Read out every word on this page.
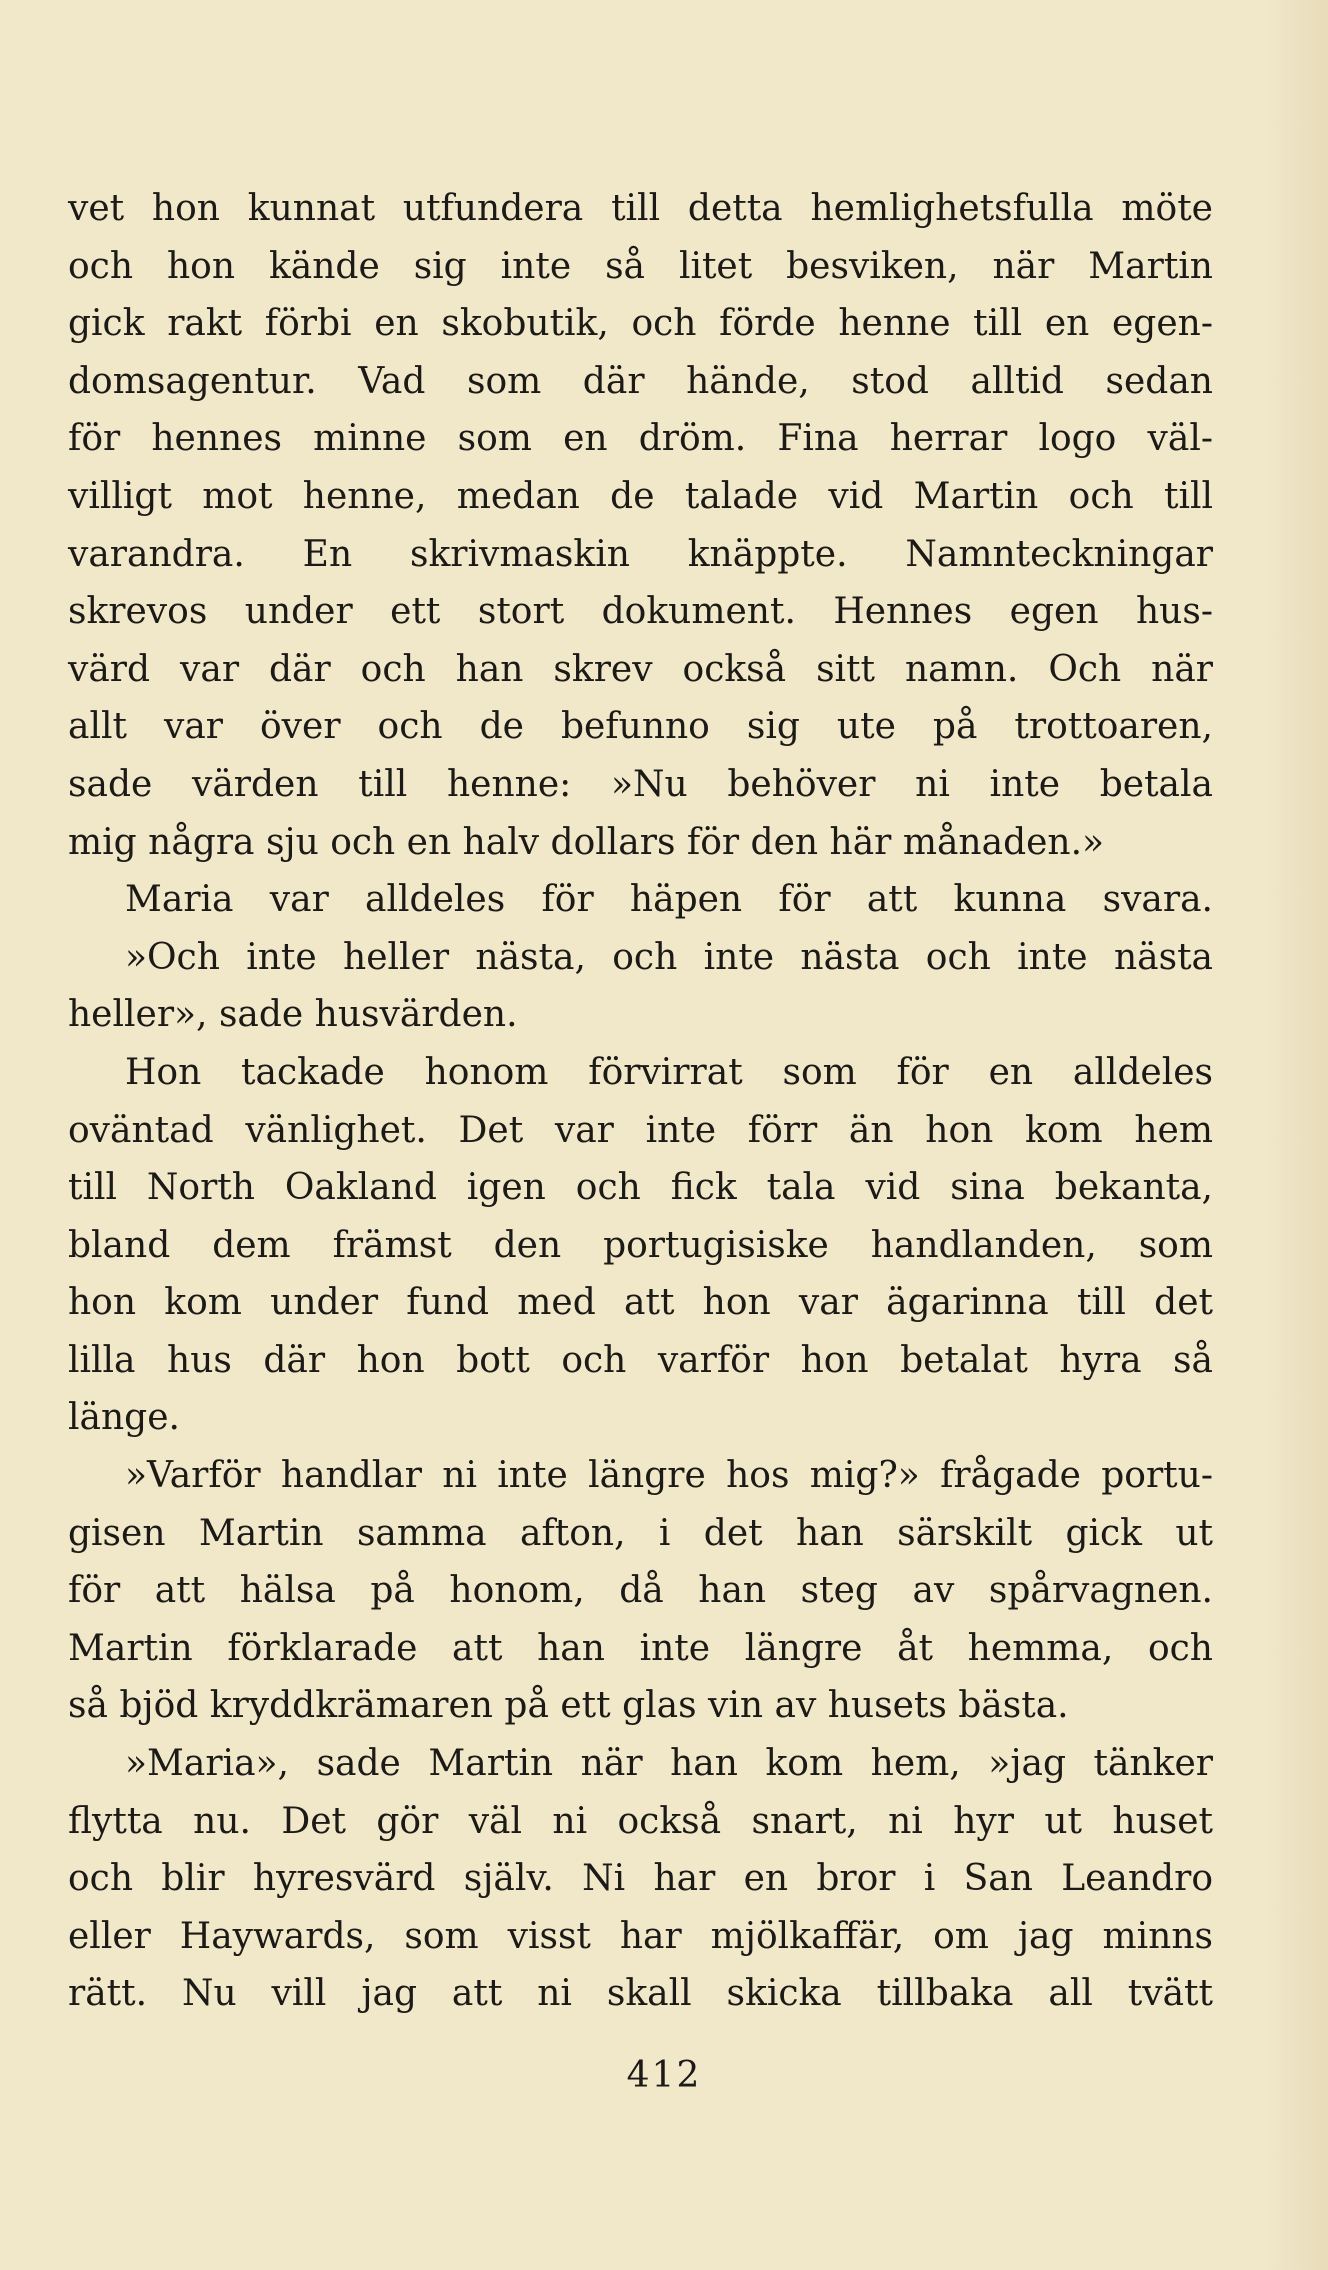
vet hon kunnat utfundera till detta hemlighetsfulla möte
och hon kände sig inte så litet besviken, när Martin
gick rakt förbi en skobutik, och förde henne till en egen-
domsagentur. Vad som där hände, stod alltid sedan
för hennes minne som en dröm. Fina herrar logo väl-
villigt mot henne, medan de talade vid Martin och till
varandra. En skrivmaskin knäppte. Namnteckningar
skrevos under ett stort dokument. Hennes egen hus-
värd var där och han skrev också sitt namn. Och när
allt var över och de befunno sig ute på trottoaren,
sade värden till henne: »Nu behöver ni inte betala
mig några sju och en halv dollars för den här månaden.»
Maria var alldeles för häpen för att kunna svara.
»Och inte heller nästa, och inte nästa och inte nästa
heller», sade husvärden.
Hon tackade honom förvirrat som för en alldeles
oväntad vänlighet. Det var inte förr än hon kom hem
till North Oakland igen och fick tala vid sina bekanta,
bland dem främst den portugisiske handlanden, som
hon kom under fund med att hon var ägarinna till det
lilla hus där hon bott och varför hon betalat hyra så
länge.
»Varför handlar ni inte längre hos mig?» frågade portu-
gisen Martin samma afton, i det han särskilt gick ut
för att hälsa på honom, då han steg av spårvagnen.
Martin förklarade att han inte längre åt hemma, och
så bjöd kryddkrämaren på ett glas vin av husets bästa.
»Maria», sade Martin när han kom hem, »jag tänker
flytta nu. Det gör väl ni också snart, ni hyr ut huset
och blir hyresvärd själv. Ni har en bror i San Leandro
eller Haywards, som visst har mjölkaffär, om jag minns
rätt. Nu vill jag att ni skall skicka tillbaka all tvätt
412
